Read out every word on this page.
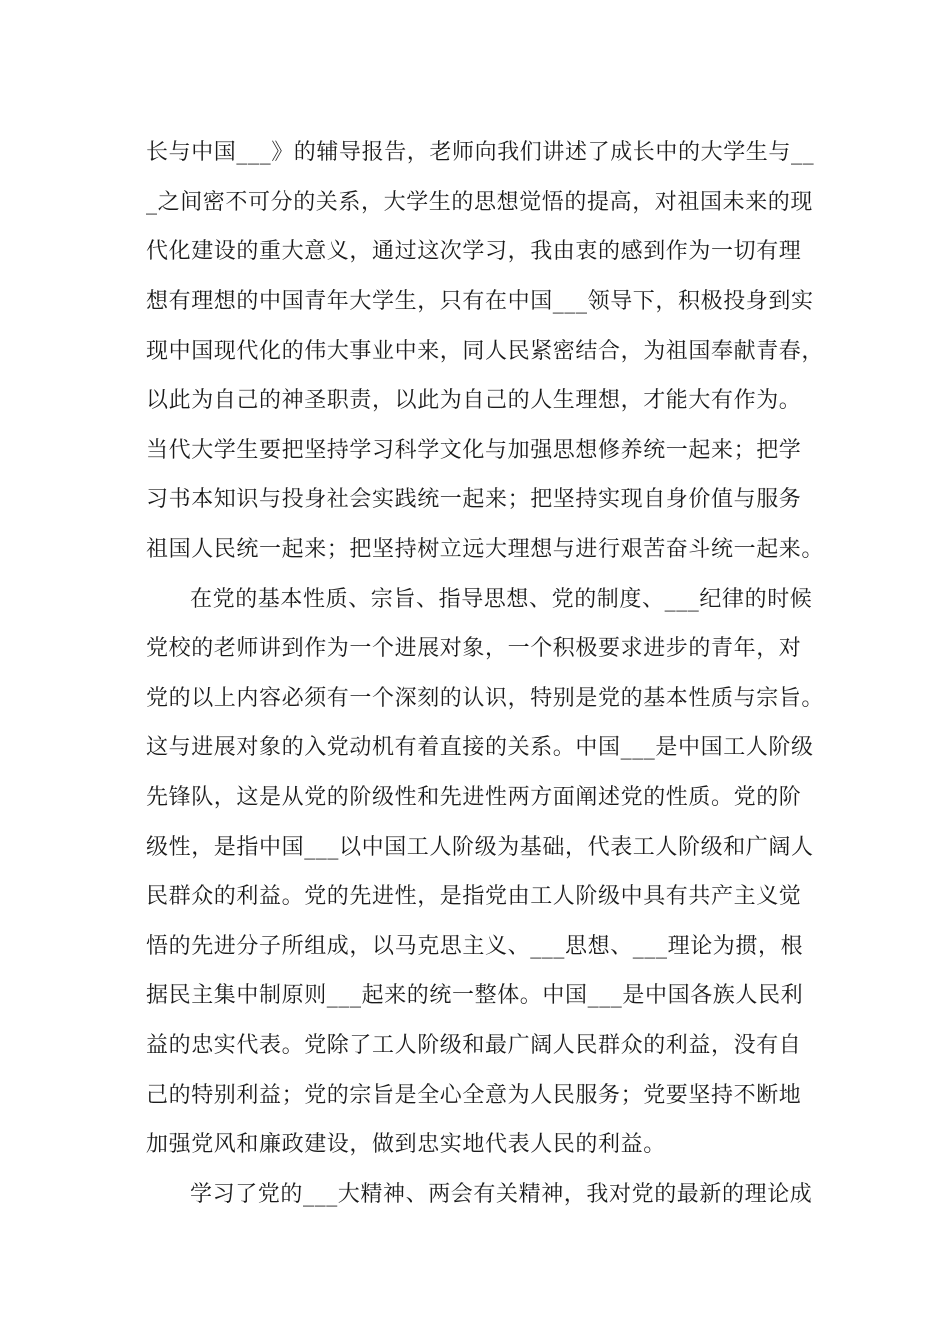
长与中国___》的辅导报告，老师向我们讲述了成长中的大学生与__
_之间密不可分的关系，大学生的思想觉悟的提高，对祖国未来的现
代化建设的重大意义，通过这次学习，我由衷的感到作为一切有理
想有理想的中国青年大学生，只有在中国___领导下，积极投身到实
现中国现代化的伟大事业中来，同人民紧密结合，为祖国奉献青春，
以此为自己的神圣职责，以此为自己的人生理想，才能大有作为。
当代大学生要把坚持学习科学文化与加强思想修养统一起来；把学
习书本知识与投身社会实践统一起来；把坚持实现自身价值与服务
祖国人民统一起来；把坚持树立远大理想与进行艰苦奋斗统一起来。
在党的基本性质、宗旨、指导思想、党的制度、___纪律的时候
党校的老师讲到作为一个进展对象，一个积极要求进步的青年，对
党的以上内容必须有一个深刻的认识，特别是党的基本性质与宗旨。
这与进展对象的入党动机有着直接的关系。中国___是中国工人阶级
先锋队，这是从党的阶级性和先进性两方面阐述党的性质。党的阶
级性，是指中国___以中国工人阶级为基础，代表工人阶级和广阔人
民群众的利益。党的先进性，是指党由工人阶级中具有共产主义觉
悟的先进分子所组成，以马克思主义、___思想、___理论为掼，根
据民主集中制原则___起来的统一整体。中国___是中国各族人民利
益的忠实代表。党除了工人阶级和最广阔人民群众的利益，没有自
己的特别利益；党的宗旨是全心全意为人民服务；党要坚持不断地
加强党风和廉政建设，做到忠实地代表人民的利益。
学习了党的___大精神、两会有关精神，我对党的最新的理论成
